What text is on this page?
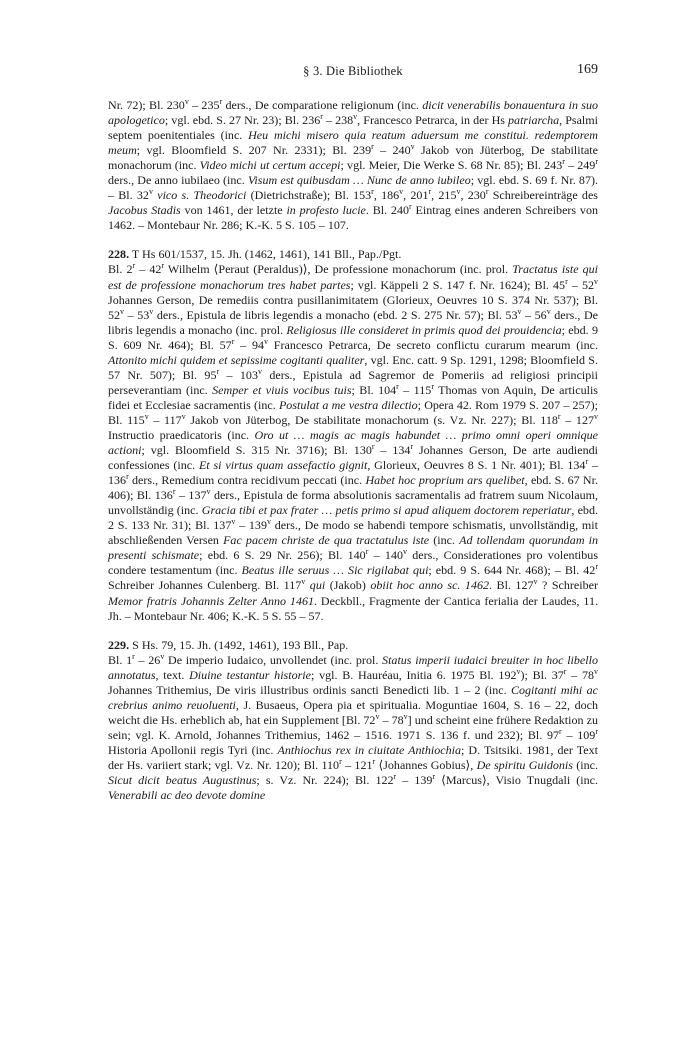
§ 3. Die Bibliothek	169

Nr. 72); Bl. 230$^v$ – 235$^r$ ders., De comparatione religionum (inc. dicit venerabilis bonauentura in suo apologetico; vgl. ebd. S. 27 Nr. 23); Bl. 236$^r$ – 238$^v$, Francesco Petrarca, in der Hs patriarcha, Psalmi septem poenitentiales (inc. Heu michi misero quia reatum aduersum me constitui. redemptorem meum; vgl. Bloomfield S. 207 Nr. 2331); Bl. 239$^r$ – 240$^v$ Jakob von Jüterbog, De stabilitate monachorum (inc. Video michi ut certum accepi; vgl. Meier, Die Werke S. 68 Nr. 85); Bl. 243$^r$ – 249$^r$ ders., De anno iubilaeo (inc. Visum est quibusdam … Nunc de anno iubileo; vgl. ebd. S. 69 f. Nr. 87). – Bl. 32$^v$ vico s. Theodorici (Dietrichstraße); Bl. 153$^r$, 186$^v$, 201$^r$, 215$^v$, 230$^r$ Schreibereinträge des Jacobus Stadis von 1461, der letzte in profesto lucie. Bl. 240$^r$ Eintrag eines anderen Schreibers von 1462. – Montebaur Nr. 286; K.-K. 5 S. 105 – 107.

228. T Hs 601/1537, 15. Jh. (1462, 1461), 141 Bll., Pap./Pgt.

Bl. 2$^r$ – 42$^r$ Wilhelm ⟨Peraut (Peraldus)⟩, De professione monachorum (inc. prol. Tractatus iste qui est de professione monachorum tres habet partes; vgl. Käppeli 2 S. 147 f. Nr. 1624); Bl. 45$^r$ – 52$^v$ Johannes Gerson, De remediis contra pusillanimitatem (Glorieux, Oeuvres 10 S. 374 Nr. 537); Bl. 52$^v$ – 53$^v$ ders., Epistula de libris legendis a monacho (ebd. 2 S. 275 Nr. 57); Bl. 53$^v$ – 56$^v$ ders., De libris legendis a monacho (inc. prol. Religiosus ille consideret in primis quod dei prouidencia; ebd. 9 S. 609 Nr. 464); Bl. 57$^r$ – 94$^v$ Francesco Petrarca, De secreto conflictu curarum mearum (inc. Attonito michi quidem et sepissime cogitanti qualiter, vgl. Enc. catt. 9 Sp. 1291, 1298; Bloomfield S. 57 Nr. 507); Bl. 95$^r$ – 103$^v$ ders., Epistula ad Sagremor de Pomeriis ad religiosi principii perseverantiam (inc. Semper et viuis vocibus tuis; Bl. 104$^r$ – 115$^r$ Thomas von Aquin, De articulis fidei et Ecclesiae sacramentis (inc. Postulat a me vestra dilectio; Opera 42. Rom 1979 S. 207 – 257); Bl. 115$^v$ – 117$^v$ Jakob von Jüterbog, De stabilitate monachorum (s. Vz. Nr. 227); Bl. 118$^r$ – 127$^v$ Instructio praedicatoris (inc. Oro ut … magis ac magis habundet … primo omni operi omnique actioni; vgl. Bloomfield S. 315 Nr. 3716); Bl. 130$^r$ – 134$^r$ Johannes Gerson, De arte audiendi confessiones (inc. Et si virtus quam assefactio gignit, Glorieux, Oeuvres 8 S. 1 Nr. 401); Bl. 134$^r$ – 136$^r$ ders., Remedium contra recidivum peccati (inc. Habet hoc proprium ars quelibet, ebd. S. 67 Nr. 406); Bl. 136$^r$ – 137$^v$ ders., Epistula de forma absolutionis sacramentalis ad fratrem suum Nicolaum, unvollständig (inc. Gracia tibi et pax frater … petis primo si apud aliquem doctorem reperiatur, ebd. 2 S. 133 Nr. 31); Bl. 137$^v$ – 139$^v$ ders., De modo se habendi tempore schismatis, unvollständig, mit abschließenden Versen Fac pacem christe de qua tractatulus iste (inc. Ad tollendam quorundam in presenti schismate; ebd. 6 S. 29 Nr. 256); Bl. 140$^r$ – 140$^v$ ders., Considerationes pro volentibus condere testamentum (inc. Beatus ille seruus … Sic rigilabat qui; ebd. 9 S. 644 Nr. 468); – Bl. 42$^r$ Schreiber Johannes Culenberg. Bl. 117$^v$ qui (Jakob) obiit hoc anno sc. 1462. Bl. 127$^v$ ? Schreiber Memor fratris Johannis Zelter Anno 1461. Deckbll., Fragmente der Cantica ferialia der Laudes, 11. Jh. – Montebaur Nr. 406; K.-K. 5 S. 55 – 57.

229. S Hs. 79, 15. Jh. (1492, 1461), 193 Bll., Pap.

Bl. 1$^r$ – 26$^v$ De imperio Iudaico, unvollendet (inc. prol. Status imperii iudaici breuiter in hoc libello annotatus, text. Diuine testantur historie; vgl. B. Hauréau, Initia 6. 1975 Bl. 192$^v$); Bl. 37$^r$ – 78$^v$ Johannes Trithemius, De viris illustribus ordinis sancti Benedicti lib. 1 – 2 (inc. Cogitanti mihi ac crebrius animo reuoluenti, J. Busaeus, Opera pia et spiritualia. Moguntiae 1604, S. 16 – 22, doch weicht die Hs. erheblich ab, hat ein Supplement [Bl. 72$^v$ – 78$^v$] und scheint eine frühere Redaktion zu sein; vgl. K. Arnold, Johannes Trithemius, 1462 – 1516. 1971 S. 136 f. und 232); Bl. 97$^r$ – 109$^r$ Historia Apollonii regis Tyri (inc. Anthiochus rex in ciuitate Anthiochia; D. Tsitsiki. 1981, der Text der Hs. variiert stark; vgl. Vz. Nr. 120); Bl. 110$^r$ – 121$^r$ ⟨Johannes Gobius⟩, De spiritu Guidonis (inc. Sicut dicit beatus Augustinus; s. Vz. Nr. 224); Bl. 122$^r$ – 139$^r$ ⟨Marcus⟩, Visio Tnugdali (inc. Venerabili ac deo devote domine
